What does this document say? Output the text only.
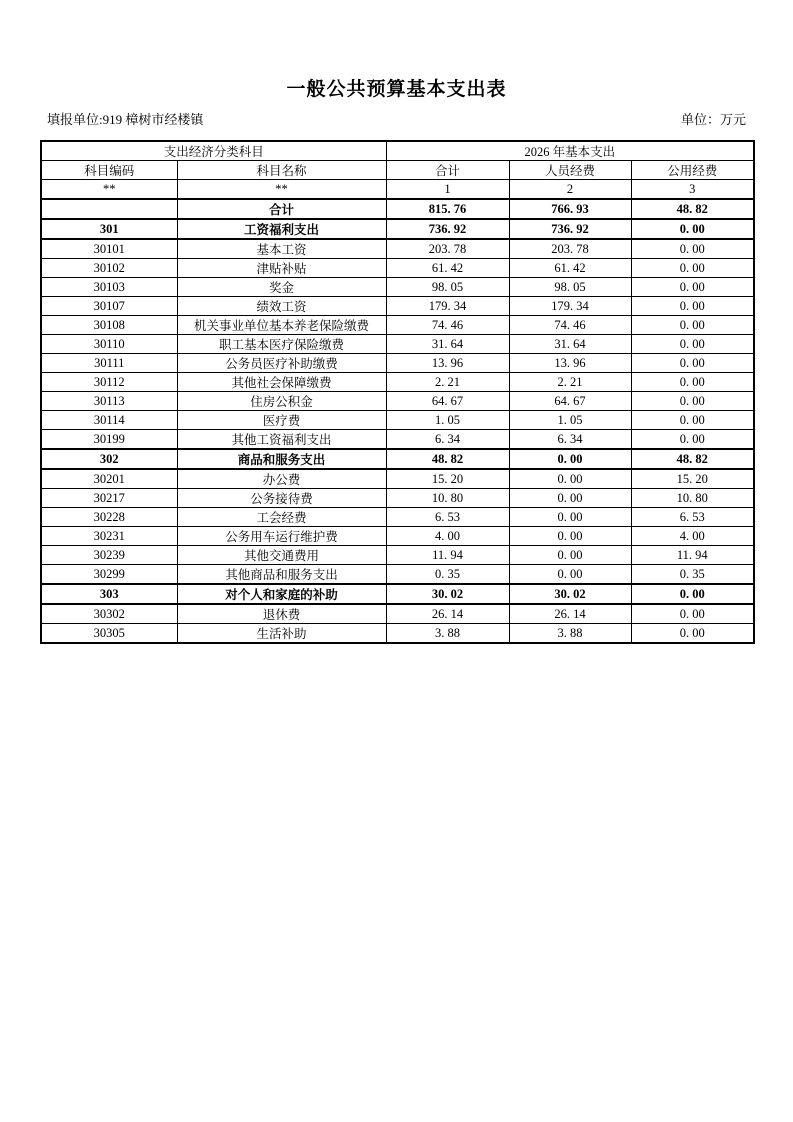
一般公共预算基本支出表
填报单位:919 樟树市经楼镇	单位：万元
支出经济分类科目		2026 年基本支出		
科目编码	科目名称	合计	人员经费	公用经费
**	**	1	2	3
	合计	815. 76	766. 93	48. 82
301	工资福利支出	736. 92	736. 92	0. 00
30101	基本工资	203. 78	203. 78	0. 00
30102	津贴补贴	61. 42	61. 42	0. 00
30103	奖金	98. 05	98. 05	0. 00
30107	绩效工资	179. 34	179. 34	0. 00
30108	机关事业单位基本养老保险缴费	74. 46	74. 46	0. 00
30110	职工基本医疗保险缴费	31. 64	31. 64	0. 00
30111	公务员医疗补助缴费	13. 96	13. 96	0. 00
30112	其他社会保障缴费	2. 21	2. 21	0. 00
30113	住房公积金	64. 67	64. 67	0. 00
30114	医疗费	1. 05	1. 05	0. 00
30199	其他工资福利支出	6. 34	6. 34	0. 00
302	商品和服务支出	48. 82	0. 00	48. 82
30201	办公费	15. 20	0. 00	15. 20
30217	公务接待费	10. 80	0. 00	10. 80
30228	工会经费	6. 53	0. 00	6. 53
30231	公务用车运行维护费	4. 00	0. 00	4. 00
30239	其他交通费用	11. 94	0. 00	11. 94
30299	其他商品和服务支出	0. 35	0. 00	0. 35
303	对个人和家庭的补助	30. 02	30. 02	0. 00
30302	退休费	26. 14	26. 14	0. 00
30305	生活补助	3. 88	3. 88	0. 00
